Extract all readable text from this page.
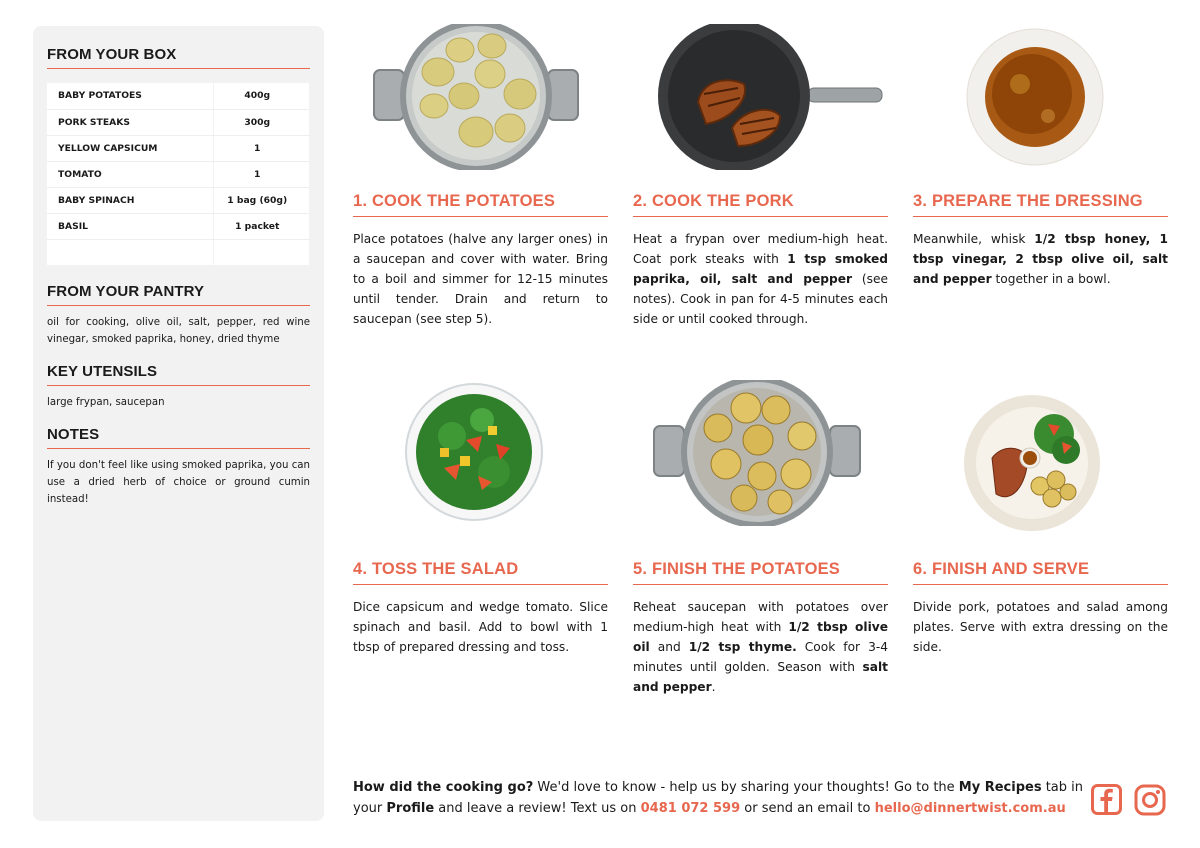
FROM YOUR BOX
BABY POTATOES	400g
PORK STEAKS	300g
YELLOW CAPSICUM	1
TOMATO	1
BABY SPINACH	1 bag (60g)
BASIL	1 packet

FROM YOUR PANTRY
oil for cooking, olive oil, salt, pepper, red wine vinegar, smoked paprika, honey, dried thyme
KEY UTENSILS
large frypan, saucepan
NOTES
If you don't feel like using smoked paprika, you can use a dried herb of choice or ground cumin instead!
1. COOK THE POTATOES
Place potatoes (halve any larger ones) in a saucepan and cover with water. Bring to a boil and simmer for 12-15 minutes until tender. Drain and return to saucepan (see step 5).
2. COOK THE PORK
Heat a frypan over medium-high heat. Coat pork steaks with 1 tsp smoked paprika, oil, salt and pepper (see notes). Cook in pan for 4-5 minutes each side or until cooked through.
3. PREPARE THE DRESSING
Meanwhile, whisk 1/2 tbsp honey, 1 tbsp vinegar, 2 tbsp olive oil, salt and pepper together in a bowl.
4. TOSS THE SALAD
Dice capsicum and wedge tomato. Slice spinach and basil. Add to bowl with 1 tbsp of prepared dressing and toss.
5. FINISH THE POTATOES
Reheat saucepan with potatoes over medium-high heat with 1/2 tbsp olive oil and 1/2 tsp thyme. Cook for 3-4 minutes until golden. Season with salt and pepper.
6. FINISH AND SERVE
Divide pork, potatoes and salad among plates. Serve with extra dressing on the side.
How did the cooking go? We'd love to know - help us by sharing your thoughts! Go to the My Recipes tab in your Profile and leave a review! Text us on 0481 072 599 or send an email to hello@dinnertwist.com.au
